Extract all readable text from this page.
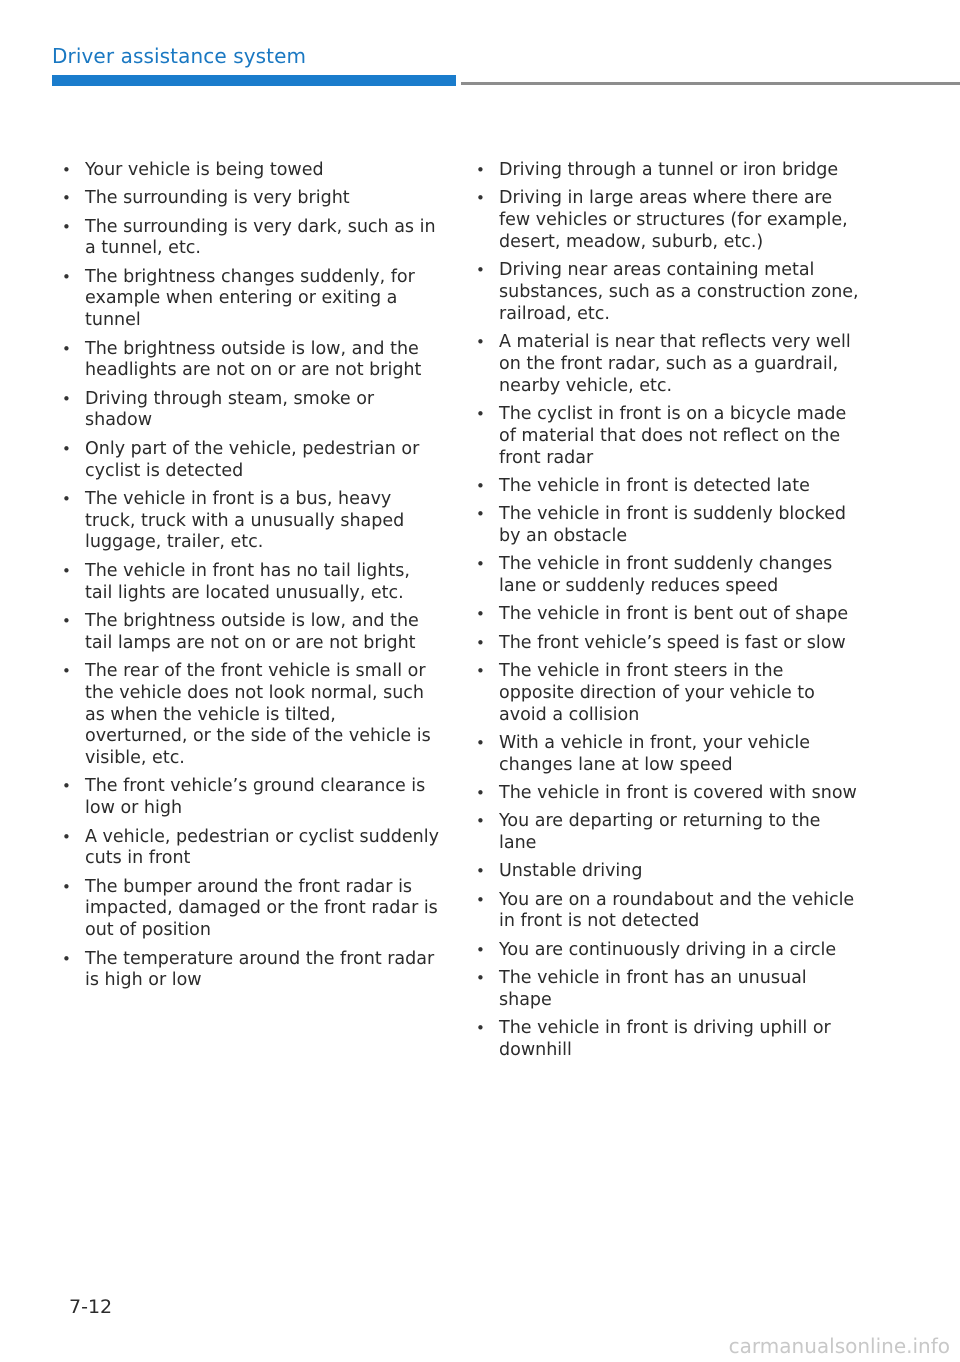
Driver assistance system
• Your vehicle is being towed
• The surrounding is very bright
• The surrounding is very dark, such as in a tunnel, etc.
• The brightness changes suddenly, for example when entering or exiting a tunnel
• The brightness outside is low, and the headlights are not on or are not bright
• Driving through steam, smoke or shadow
• Only part of the vehicle, pedestrian or cyclist is detected
• The vehicle in front is a bus, heavy truck, truck with a unusually shaped luggage, trailer, etc.
• The vehicle in front has no tail lights, tail lights are located unusually, etc.
• The brightness outside is low, and the tail lamps are not on or are not bright
• The rear of the front vehicle is small or the vehicle does not look normal, such as when the vehicle is tilted, overturned, or the side of the vehicle is visible, etc.
• The front vehicle’s ground clearance is low or high
• A vehicle, pedestrian or cyclist suddenly cuts in front
• The bumper around the front radar is impacted, damaged or the front radar is out of position
• The temperature around the front radar is high or low
• Driving through a tunnel or iron bridge
• Driving in large areas where there are few vehicles or structures (for example, desert, meadow, suburb, etc.)
• Driving near areas containing metal substances, such as a construction zone, railroad, etc.
• A material is near that reflects very well on the front radar, such as a guardrail, nearby vehicle, etc.
• The cyclist in front is on a bicycle made of material that does not reflect on the front radar
• The vehicle in front is detected late
• The vehicle in front is suddenly blocked by an obstacle
• The vehicle in front suddenly changes lane or suddenly reduces speed
• The vehicle in front is bent out of shape
• The front vehicle’s speed is fast or slow
• The vehicle in front steers in the opposite direction of your vehicle to avoid a collision
• With a vehicle in front, your vehicle changes lane at low speed
• The vehicle in front is covered with snow
• You are departing or returning to the lane
• Unstable driving
• You are on a roundabout and the vehicle in front is not detected
• You are continuously driving in a circle
• The vehicle in front has an unusual shape
• The vehicle in front is driving uphill or downhill
7-12
carmanualsonline.info
